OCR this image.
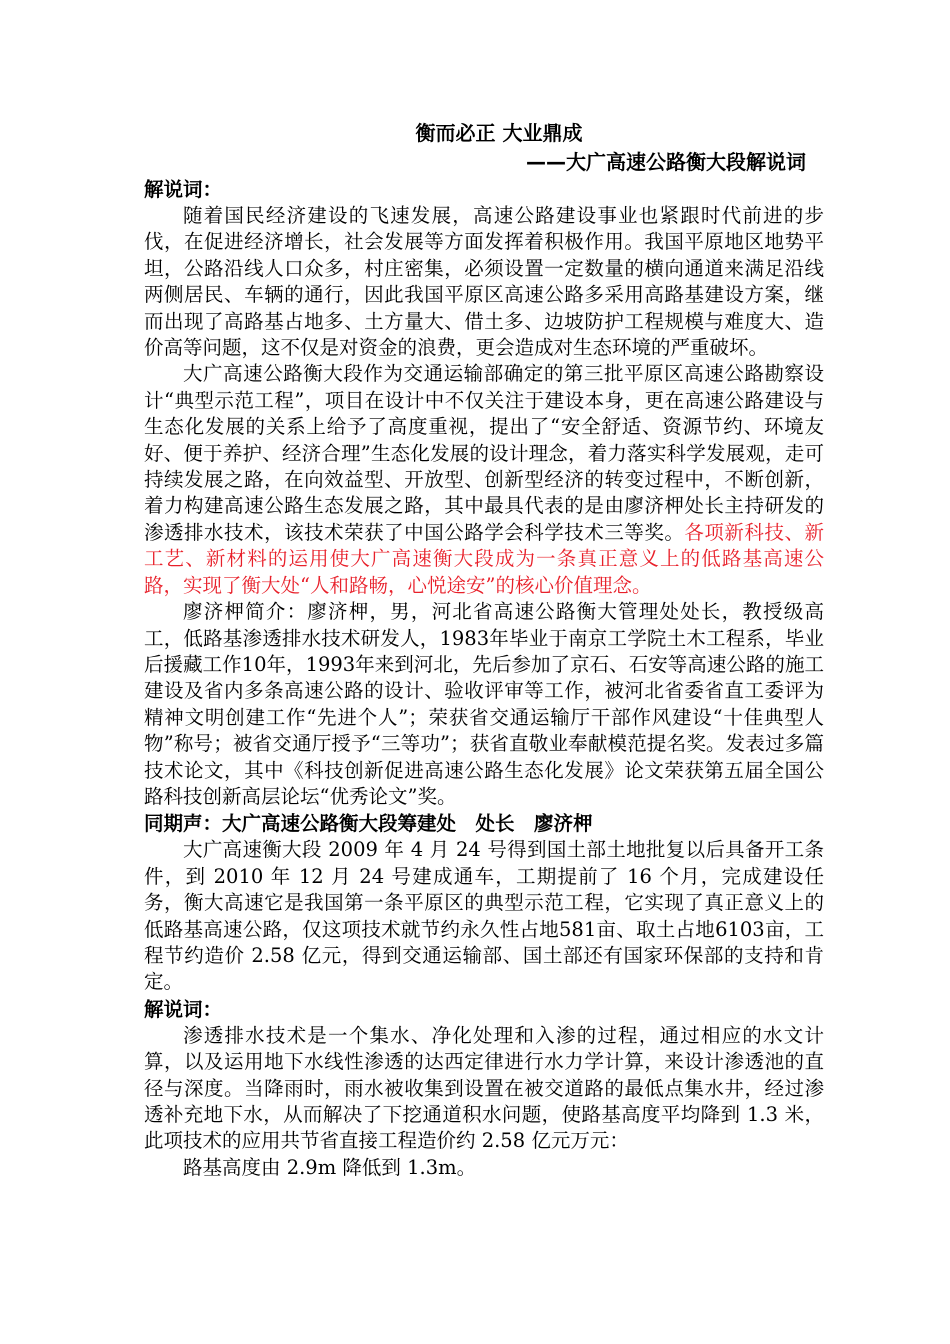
衡而必正 大业鼎成
——大广高速公路衡大段解说词
解说词：

随着国民经济建设的飞速发展，高速公路建设事业也紧跟时代前进的步伐，在促进经济增长，社会发展等方面发挥着积极作用。我国平原地区地势平坦，公路沿线人口众多，村庄密集，必须设置一定数量的横向通道来满足沿线两侧居民、车辆的通行，因此我国平原区高速公路多采用高路基建设方案，继而出现了高路基占地多、土方量大、借土多、边坡防护工程规模与难度大、造价高等问题，这不仅是对资金的浪费，更会造成对生态环境的严重破坏。

大广高速公路衡大段作为交通运输部确定的第三批平原区高速公路勘察设计“典型示范工程”，项目在设计中不仅关注于建设本身，更在高速公路建设与生态化发展的关系上给予了高度重视，提出了“安全舒适、资源节约、环境友好、便于养护、经济合理”生态化发展的设计理念，着力落实科学发展观，走可持续发展之路，在向效益型、开放型、创新型经济的转变过程中，不断创新，着力构建高速公路生态发展之路，其中最具代表的是由廖济柙处长主持研发的渗透排水技术，该技术荣获了中国公路学会科学技术三等奖。各项新科技、新工艺、新材料的运用使大广高速衡大段成为一条真正意义上的低路基高速公路，实现了衡大处“人和路畅，心悦途安”的核心价值理念。

廖济柙简介：廖济柙，男，河北省高速公路衡大管理处处长，教授级高工，低路基渗透排水技术研发人，1983年毕业于南京工学院土木工程系，毕业后援藏工作10年，1993年来到河北，先后参加了京石、石安等高速公路的施工建设及省内多条高速公路的设计、验收评审等工作，被河北省委省直工委评为精神文明创建工作“先进个人”；荣获省交通运输厅干部作风建设“十佳典型人物”称号；被省交通厅授予“三等功”；获省直敬业奉献模范提名奖。发表过多篇技术论文，其中《科技创新促进高速公路生态化发展》论文荣获第五届全国公路科技创新高层论坛“优秀论文”奖。

同期声：大广高速公路衡大段筹建处　处长　廖济柙

大广高速衡大段 2009 年 4 月 24 号得到国土部土地批复以后具备开工条件，到 2010 年 12 月 24 号建成通车，工期提前了 16 个月，完成建设任务，衡大高速它是我国第一条平原区的典型示范工程，它实现了真正意义上的低路基高速公路，仅这项技术就节约永久性占地581亩、取土占地6103亩，工程节约造价 2.58 亿元，得到交通运输部、国土部还有国家环保部的支持和肯定。

解说词：

渗透排水技术是一个集水、净化处理和入渗的过程，通过相应的水文计算，以及运用地下水线性渗透的达西定律进行水力学计算，来设计渗透池的直径与深度。当降雨时，雨水被收集到设置在被交道路的最低点集水井，经过渗透补充地下水，从而解决了下挖通道积水问题，使路基高度平均降到 1.3 米，此项技术的应用共节省直接工程造价约 2.58 亿元万元：

路基高度由 2.9m 降低到 1.3m。
